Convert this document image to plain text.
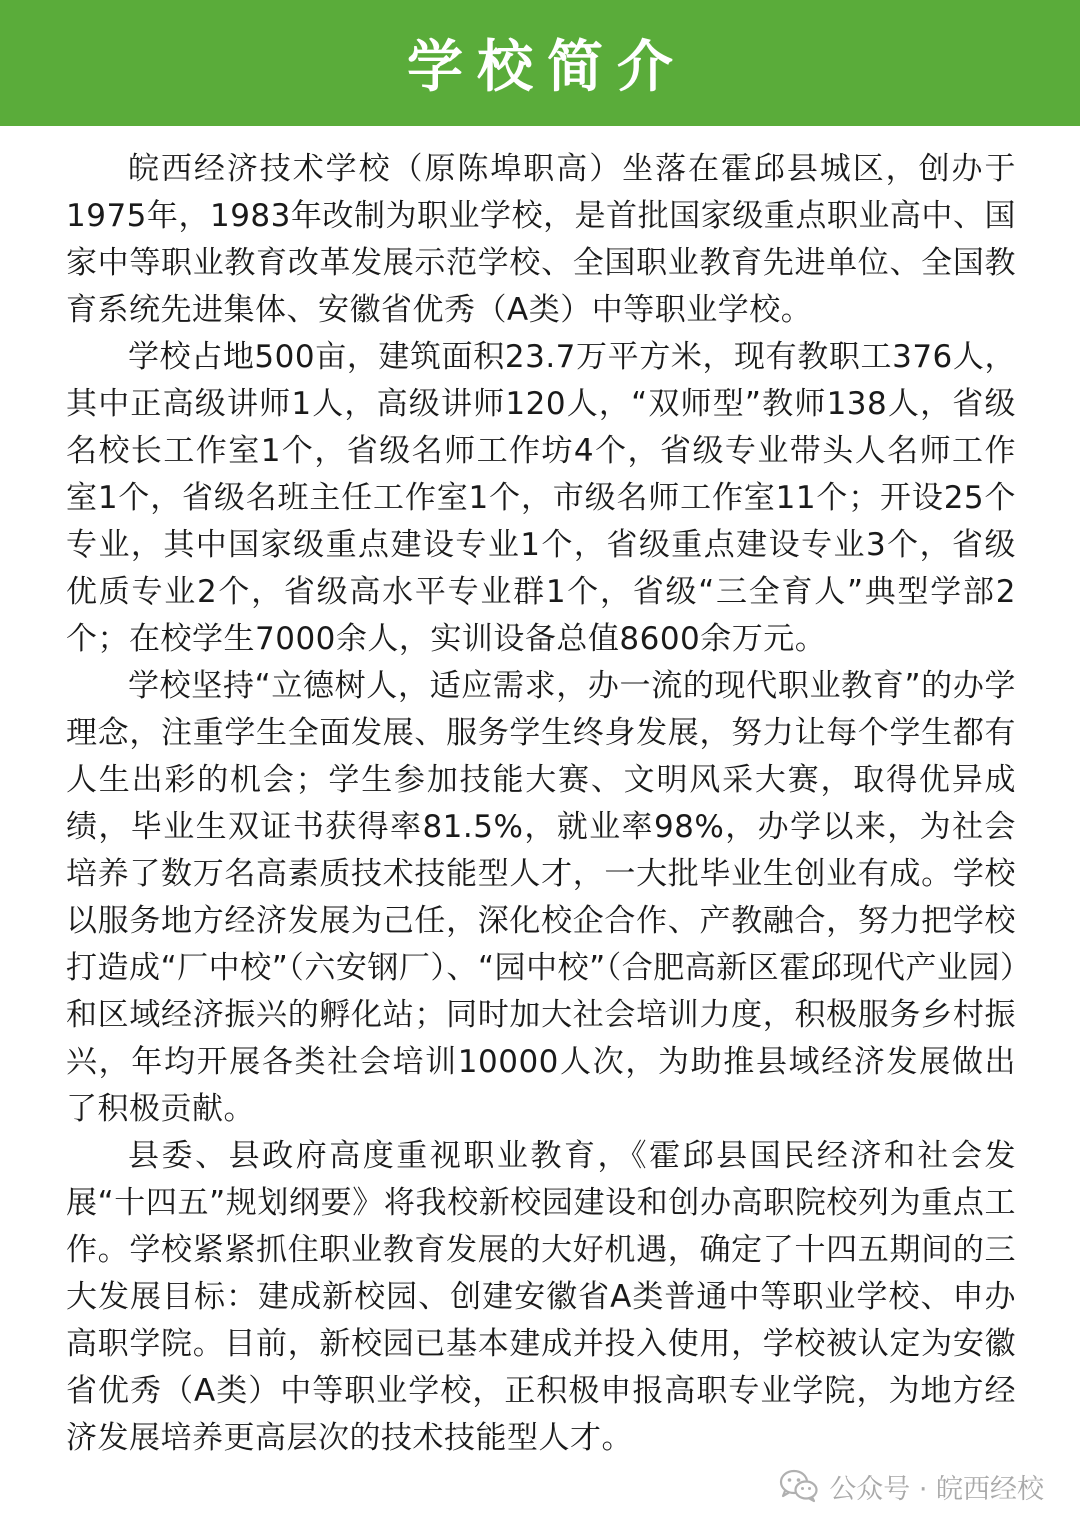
学校简介

皖西经济技术学校（原陈埠职高）坐落在霍邱县城区，创办于1975年，1983年改制为职业学校，是首批国家级重点职业高中、国家中等职业教育改革发展示范学校、全国职业教育先进单位、全国教育系统先进集体、安徽省优秀（A类）中等职业学校。

学校占地500亩，建筑面积23.7万平方米，现有教职工376人，其中正高级讲师1人，高级讲师120人，“双师型”教师138人，省级名校长工作室1个，省级名师工作坊4个，省级专业带头人名师工作室1个，省级名班主任工作室1个，市级名师工作室11个；开设25个专业，其中国家级重点建设专业1个，省级重点建设专业3个，省级优质专业2个，省级高水平专业群1个，省级“三全育人”典型学部2个；在校学生7000余人，实训设备总值8600余万元。

学校坚持“立德树人，适应需求，办一流的现代职业教育”的办学理念，注重学生全面发展、服务学生终身发展，努力让每个学生都有人生出彩的机会；学生参加技能大赛、文明风采大赛，取得优异成绩，毕业生双证书获得率81.5%，就业率98%，办学以来，为社会培养了数万名高素质技术技能型人才，一大批毕业生创业有成。学校以服务地方经济发展为己任，深化校企合作、产教融合，努力把学校打造成“厂中校”（六安钢厂）、“园中校”（合肥高新区霍邱现代产业园）和区域经济振兴的孵化站；同时加大社会培训力度，积极服务乡村振兴，年均开展各类社会培训10000人次，为助推县域经济发展做出了积极贡献。

县委、县政府高度重视职业教育，《霍邱县国民经济和社会发展“十四五”规划纲要》将我校新校园建设和创办高职院校列为重点工作。学校紧紧抓住职业教育发展的大好机遇，确定了十四五期间的三大发展目标：建成新校园、创建安徽省A类普通中等职业学校、申办高职学院。目前，新校园已基本建成并投入使用，学校被认定为安徽省优秀（A类）中等职业学校，正积极申报高职专业学院，为地方经济发展培养更高层次的技术技能型人才。

公众号 · 皖西经校
